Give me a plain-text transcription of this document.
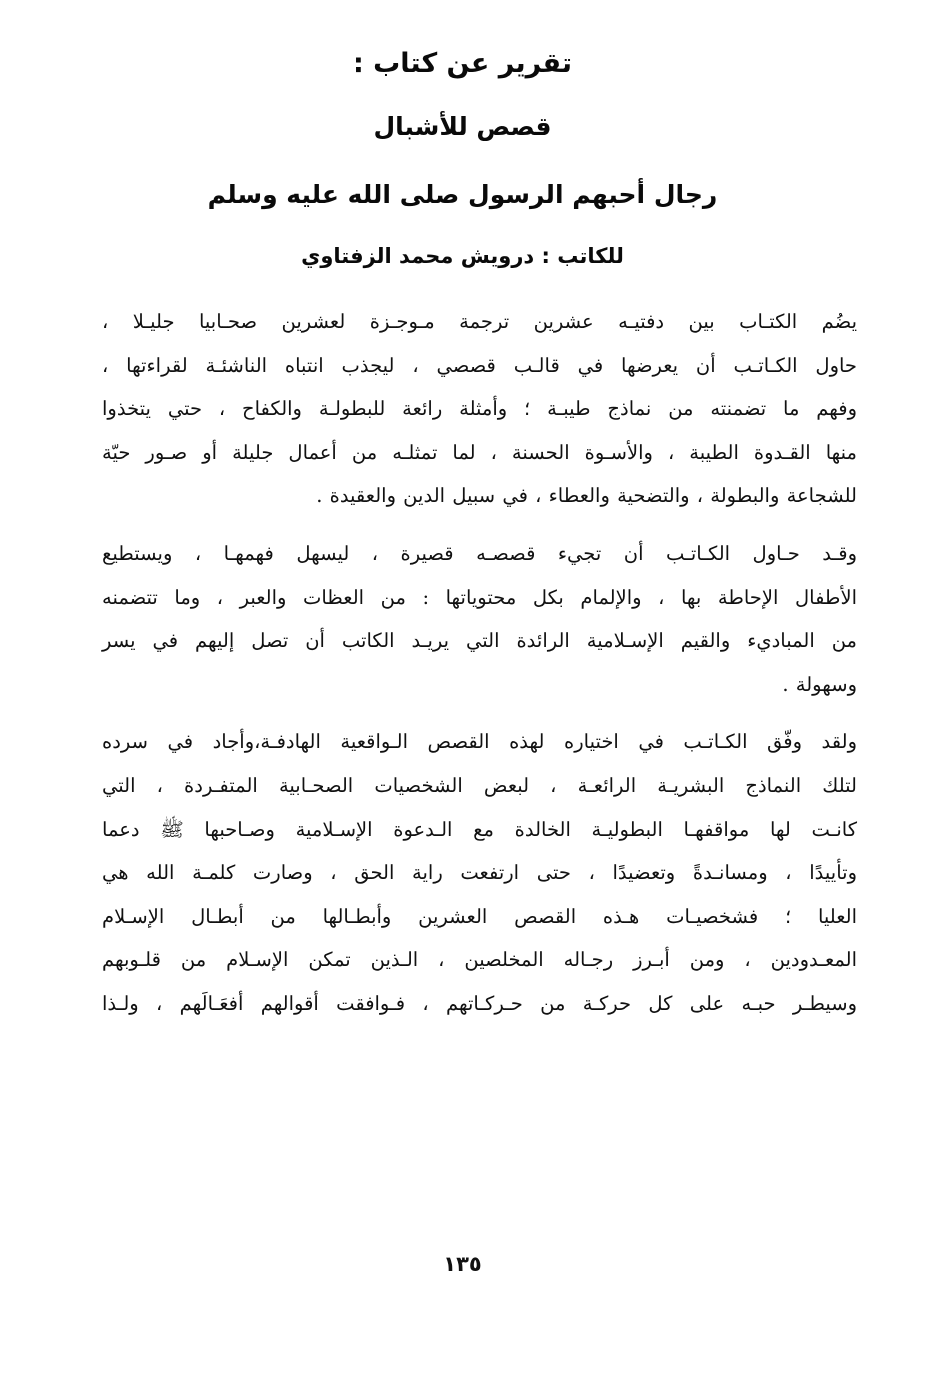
تقرير عن كتاب :
قصص للأشبال
رجال أحبهم الرسول صلى الله عليه وسلم
للكاتب : درويش محمد الزفتاوي

يضُم الكتـاب بين دفتيـه عشرين ترجمة مـوجـزة لعشرين صحـابيا جليـلا ،
حاول الكـاتـب أن يعرضها في قالـب قصصي ، ليجذب انتباه الناشئـة لقراءتها ،
وفهم ما تضمنته من نماذج طيبـة ؛ وأمثلة رائعة للبطولـة والكفاح ، حتي يتخذوا
منها القـدوة الطيبة ، والأسـوة الحسنة ، لما تمثلـه من أعمال جليلة أو صـور حيّة
للشجاعة والبطولة ، والتضحية والعطاء ، في سبيل الدين والعقيدة .

وقـد حـاول الكـاتـب أن تجيء قصصـه قصيرة ، ليسهل فهمهـا ، ويستطيع
الأطفال الإحاطة بها ، والإلمام بكل محتوياتها : من العظات والعبر ، وما تتضمنه
من المباديء والقيم الإسـلامية الرائدة التي يريـد الكاتب أن تصل إليهم في يسر
وسهولة .

ولقد وفّق الكـاتـب في اختياره لهذه القصص الـواقعية الهادفـة،وأجاد في سرده
لتلك النماذج البشريـة الرائعـة ، لبعض الشخصيات الصحـابية المتفـردة ، التي
كانـت لها مواقفهـا البطوليـة الخالدة مع الـدعوة الإسـلامية وصـاحبها ﷺ دعما
وتأييدًا ، ومسانـدةً وتعضيدًا ، حتى ارتفعت راية الحق ، وصارت كلمـة الله هي
العليا ؛ فشخصيـات هـذه القصص العشرين وأبطـالها من أبطـال الإسـلام
المعـدودين ، ومن أبـرز رجـاله المخلصين ، الـذين تمكن الإسـلام من قلـوبهم
وسيطـر حبـه على كل حركـة من حـركـاتهم ، فـوافقت أقوالهم أفعَـالَهم ، ولـذا

١٣٥
